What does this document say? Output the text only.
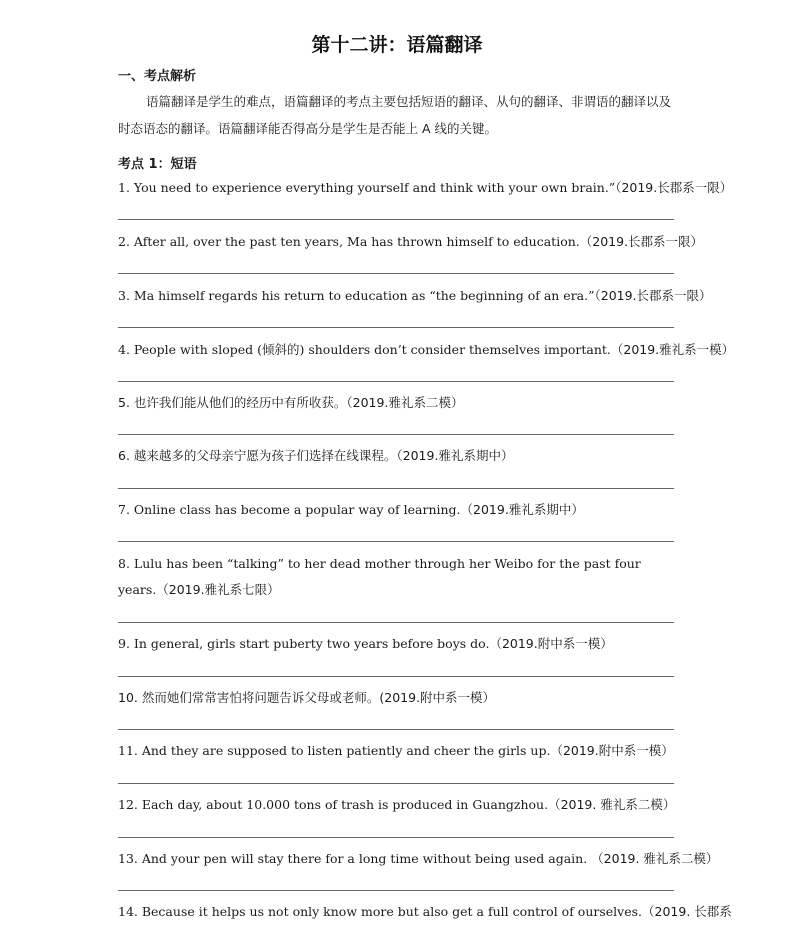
第十二讲：语篇翻译
一、考点解析
语篇翻译是学生的难点，语篇翻译的考点主要包括短语的翻译、从句的翻译、非谓语的翻译以及时态语态的翻译。语篇翻译能否得高分是学生是否能上 A 线的关键。
考点 1：短语
1. You need to experience everything yourself and think with your own brain.”（2019.长郡系一限）
2. After all, over the past ten years, Ma has thrown himself to education.（2019.长郡系一限）
3. Ma himself regards his return to education as “the beginning of an era.”（2019.长郡系一限）
4. People with sloped (倾斜的) shoulders don’t consider themselves important.（2019.雅礼系一模）
5. 也许我们能从他们的经历中有所收获。（2019.雅礼系二模）
6. 越来越多的父母亲宁愿为孩子们选择在线课程。（2019.雅礼系期中）
7. Online class has become a popular way of learning.（2019.雅礼系期中）
8. Lulu has been “talking” to her dead mother through her Weibo for the past four years.（2019.雅礼系七限）
9. In general, girls start puberty two years before boys do.（2019.附中系一模）
10. 然而她们常常害怕将问题告诉父母或老师。(2019.附中系一模）
11. And they are supposed to listen patiently and cheer the girls up.（2019.附中系一模）
12. Each day, about 10.000 tons of trash is produced in Guangzhou.（2019. 雅礼系二模）
13. And your pen will stay there for a long time without being used again. （2019. 雅礼系二模）
14. Because it helps us not only know more but also get a full control of ourselves.（2019. 长郡系
